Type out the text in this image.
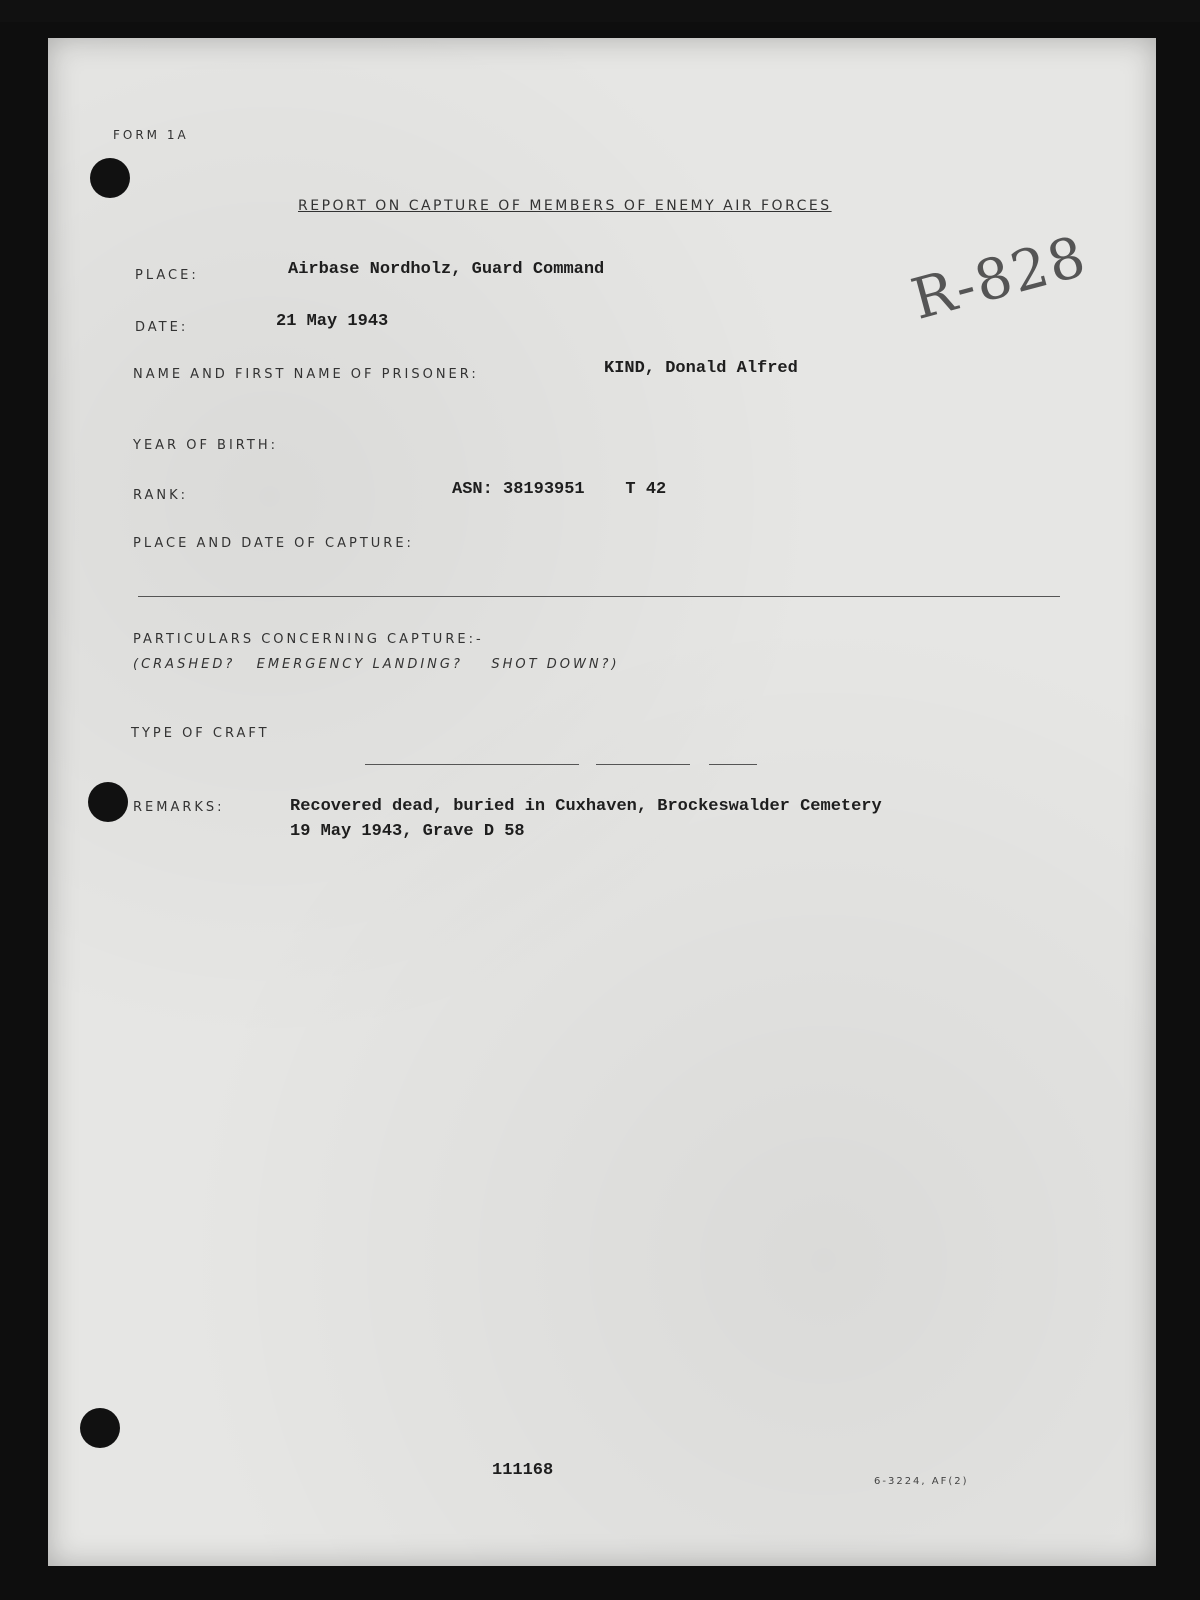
FORM 1A
REPORT ON CAPTURE OF MEMBERS OF ENEMY AIR FORCES
PLACE:	Airbase Nordholz, Guard Command
DATE:	21 May 1943
NAME AND FIRST NAME OF PRISONER:	KIND, Donald Alfred
R-828
YEAR OF BIRTH:
RANK:	ASN: 38193951    T 42
PLACE AND DATE OF CAPTURE:
PARTICULARS CONCERNING CAPTURE:-
(CRASHED?   EMERGENCY LANDING?    SHOT DOWN?)
TYPE OF CRAFT
REMARKS:	Recovered dead, buried in Cuxhaven, Brockeswalder Cemetery
19 May 1943, Grave D 58
111168
6-3224, AF(2)
